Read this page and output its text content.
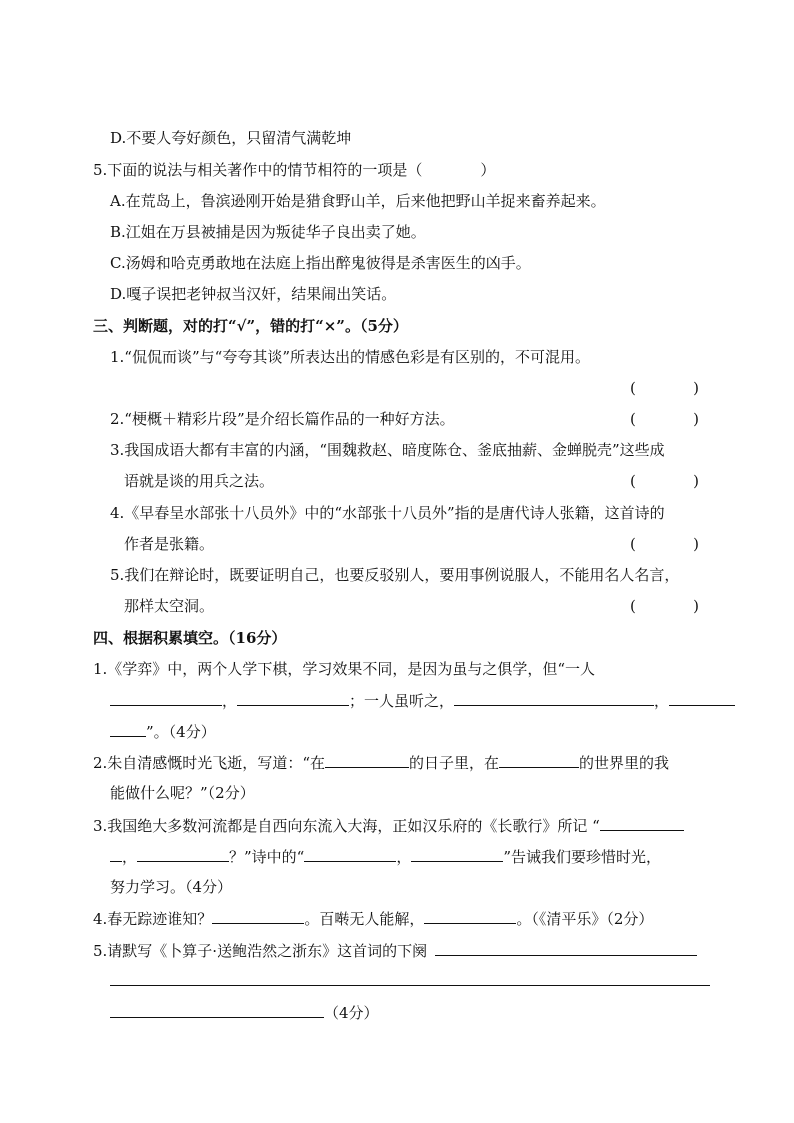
D.不要人夸好颜色，只留清气满乾坤
5.下面的说法与相关著作中的情节相符的一项是（	）
A.在荒岛上，鲁滨逊刚开始是猎食野山羊，后来他把野山羊捉来畜养起来。
B.江姐在万县被捕是因为叛徒华子良出卖了她。
C.汤姆和哈克勇敢地在法庭上指出醉鬼彼得是杀害医生的凶手。
D.嘎子误把老钟叔当汉奸，结果闹出笑话。
三、判断题，对的打“√”，错的打“×”。（5分）
1.“侃侃而谈”与“夸夸其谈”所表达出的情感色彩是有区别的，不可混用。
(            )
2.“梗概＋精彩片段”是介绍长篇作品的一种好方法。	(            )
3.我国成语大都有丰富的内涵，“围魏救赵、暗度陈仓、釜底抽薪、金蝉脱壳”这些成
语就是谈的用兵之法。	(            )
4.《早春呈水部张十八员外》中的“水部张十八员外”指的是唐代诗人张籍，这首诗的
作者是张籍。	(            )
5.我们在辩论时，既要证明自己，也要反驳别人，要用事例说服人，不能用名人名言，
那样太空洞。	(            )
四、根据积累填空。（16分）
1.《学弈》中，两个人学下棋，学习效果不同，是因为虽与之俱学，但“一人
，	；一人虽听之，	，
”。（4分）
2.朱自清感慨时光飞逝，写道：“在	的日子里，在	的世界里的我
能做什么呢？”（2分）
3.我国绝大多数河流都是自西向东流入大海，正如汉乐府的《长歌行》所记 “
，	？”诗中的“	，	”告诫我们要珍惜时光，
努力学习。（4分）
4.春无踪迹谁知？	。百啭无人能解，	。（《清平乐》（2分）
5.请默写《卜算子·送鲍浩然之浙东》这首词的下阕
（4分）
